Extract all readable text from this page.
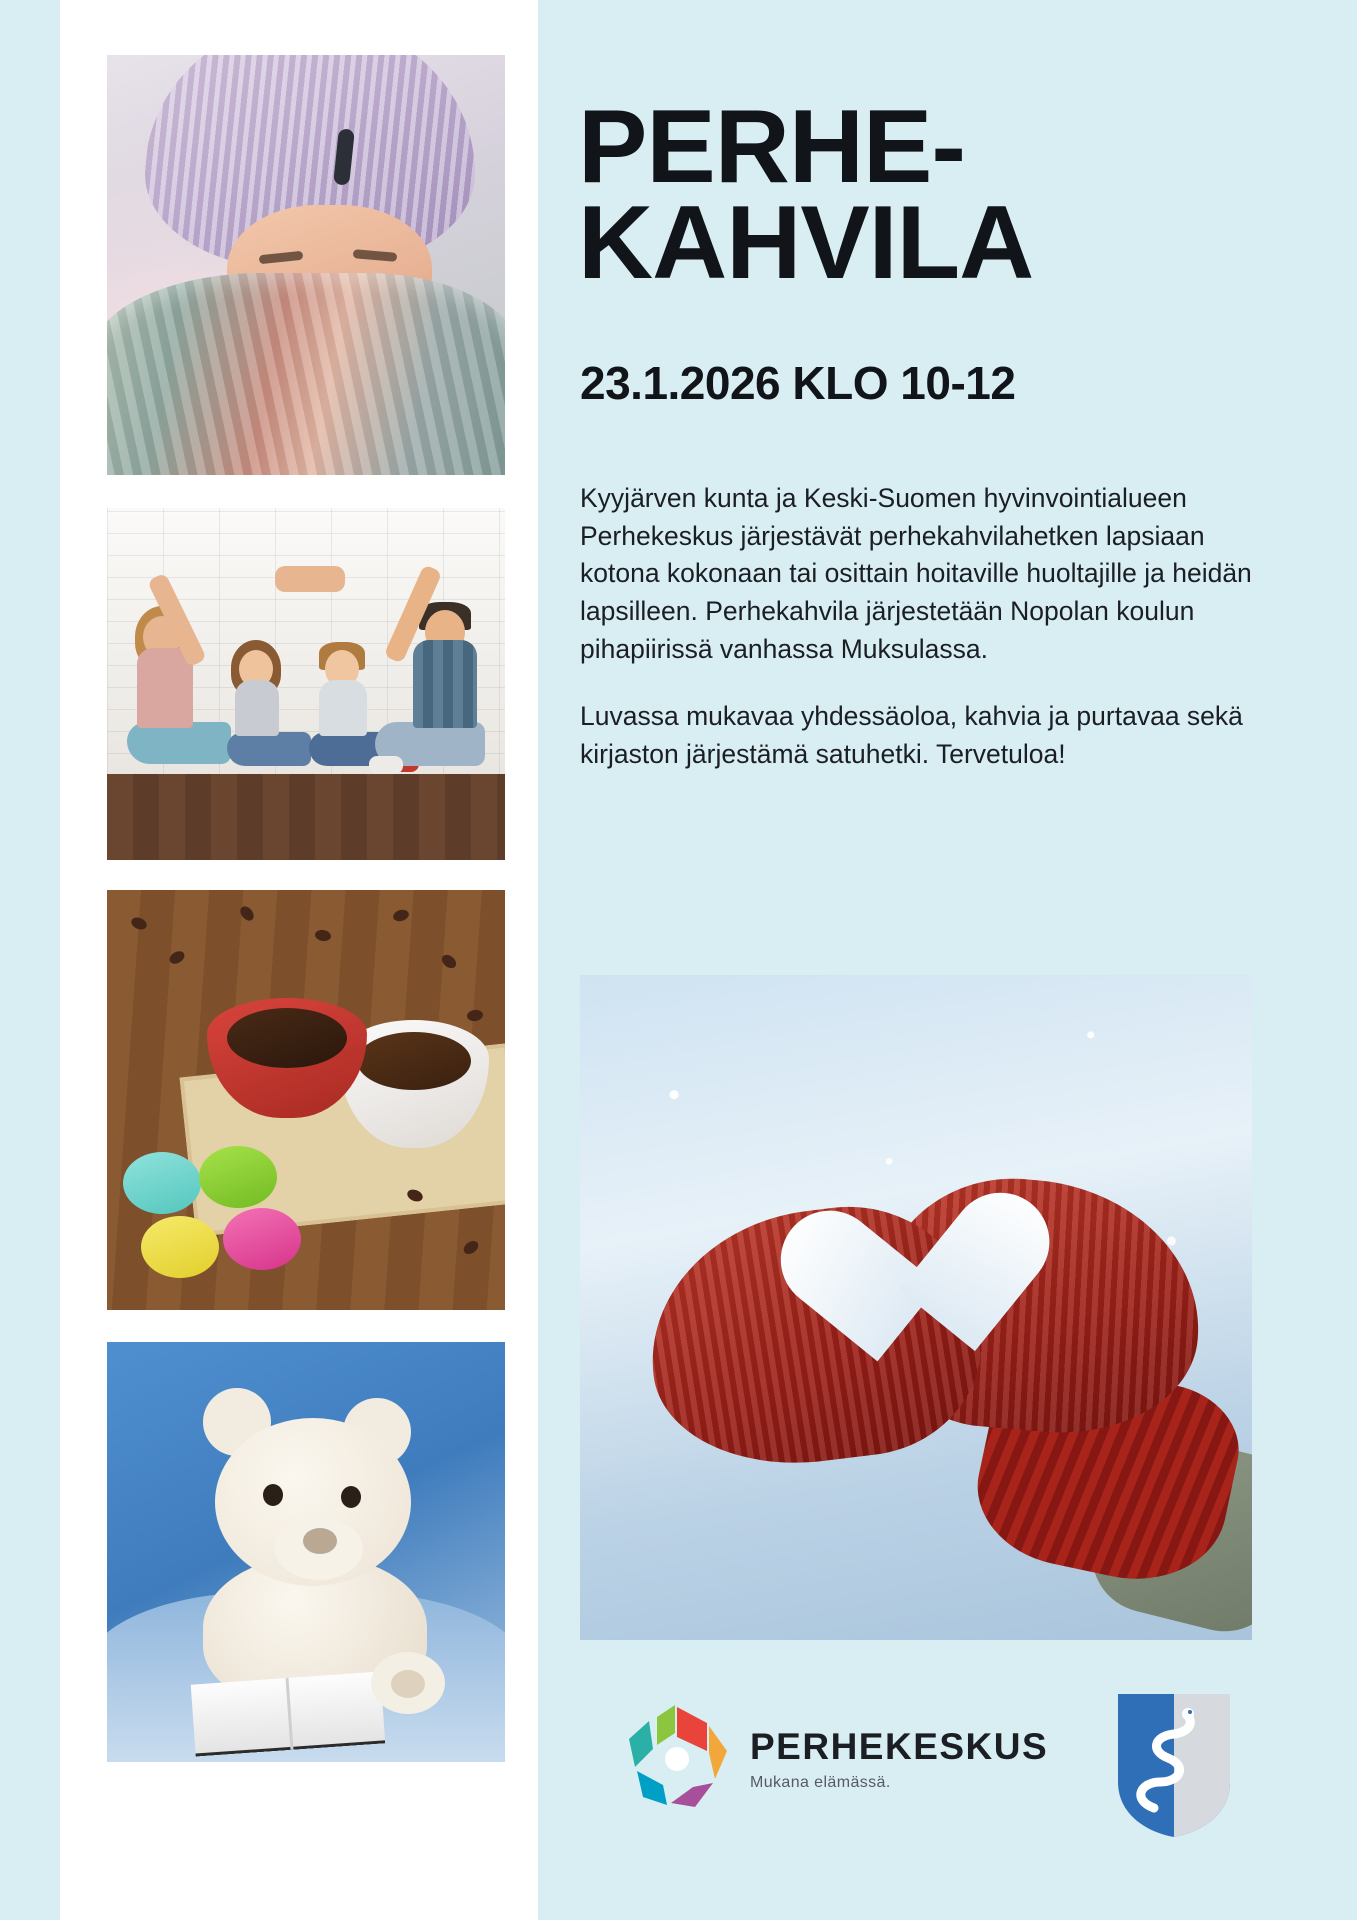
PERHE-
KAHVILA
23.1.2026 KLO 10-12

Kyyjärven kunta ja Keski-Suomen hyvinvointialueen Perhekeskus järjestävät perhekahvilahetken lapsiaan kotona kokonaan tai osittain hoitaville huoltajille ja heidän lapsilleen. Perhekahvila järjestetään Nopolan koulun pihapiirissä vanhassa Muksulassa.

Luvassa mukavaa yhdessäoloa, kahvia ja purtavaa sekä kirjaston järjestämä satuhetki. Tervetuloa!

PERHEKESKUS
Mukana elämässä.
